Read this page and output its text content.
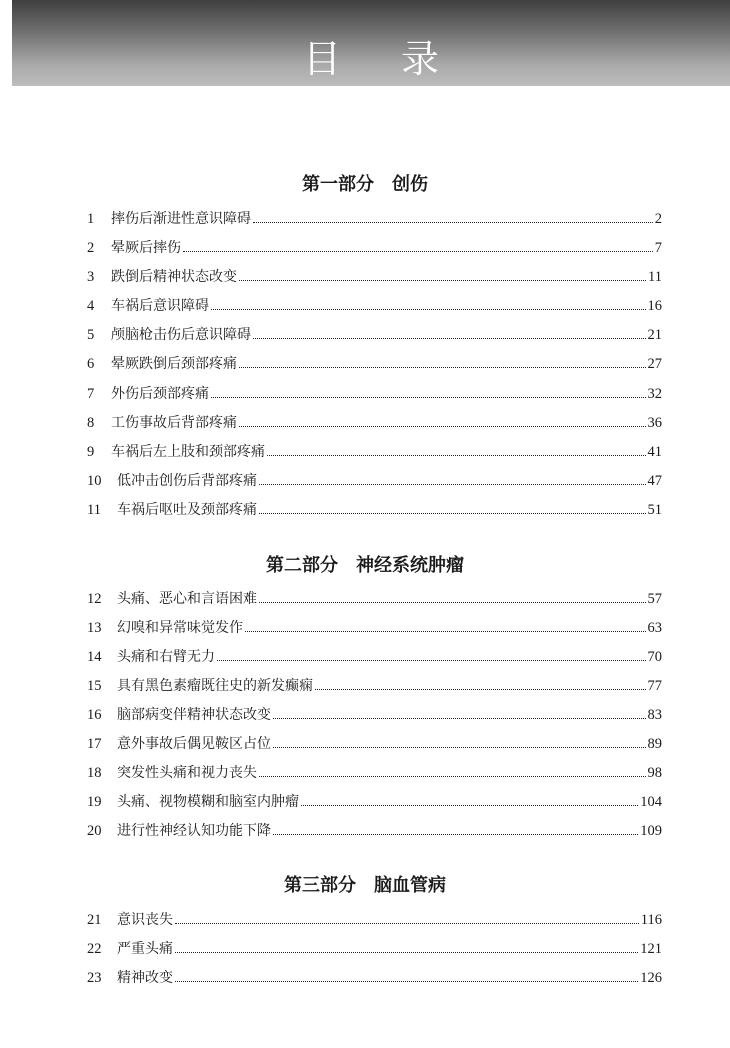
目 录
第一部分　创伤
1	摔伤后渐进性意识障碍	2
2	晕厥后摔伤	7
3	跌倒后精神状态改变	11
4	车祸后意识障碍	16
5	颅脑枪击伤后意识障碍	21
6	晕厥跌倒后颈部疼痛	27
7	外伤后颈部疼痛	32
8	工伤事故后背部疼痛	36
9	车祸后左上肢和颈部疼痛	41
10	低冲击创伤后背部疼痛	47
11	车祸后呕吐及颈部疼痛	51
第二部分　神经系统肿瘤
12	头痛、恶心和言语困难	57
13	幻嗅和异常味觉发作	63
14	头痛和右臂无力	70
15	具有黑色素瘤既往史的新发癫痫	77
16	脑部病变伴精神状态改变	83
17	意外事故后偶见鞍区占位	89
18	突发性头痛和视力丧失	98
19	头痛、视物模糊和脑室内肿瘤	104
20	进行性神经认知功能下降	109
第三部分　脑血管病
21	意识丧失	116
22	严重头痛	121
23	精神改变	126
